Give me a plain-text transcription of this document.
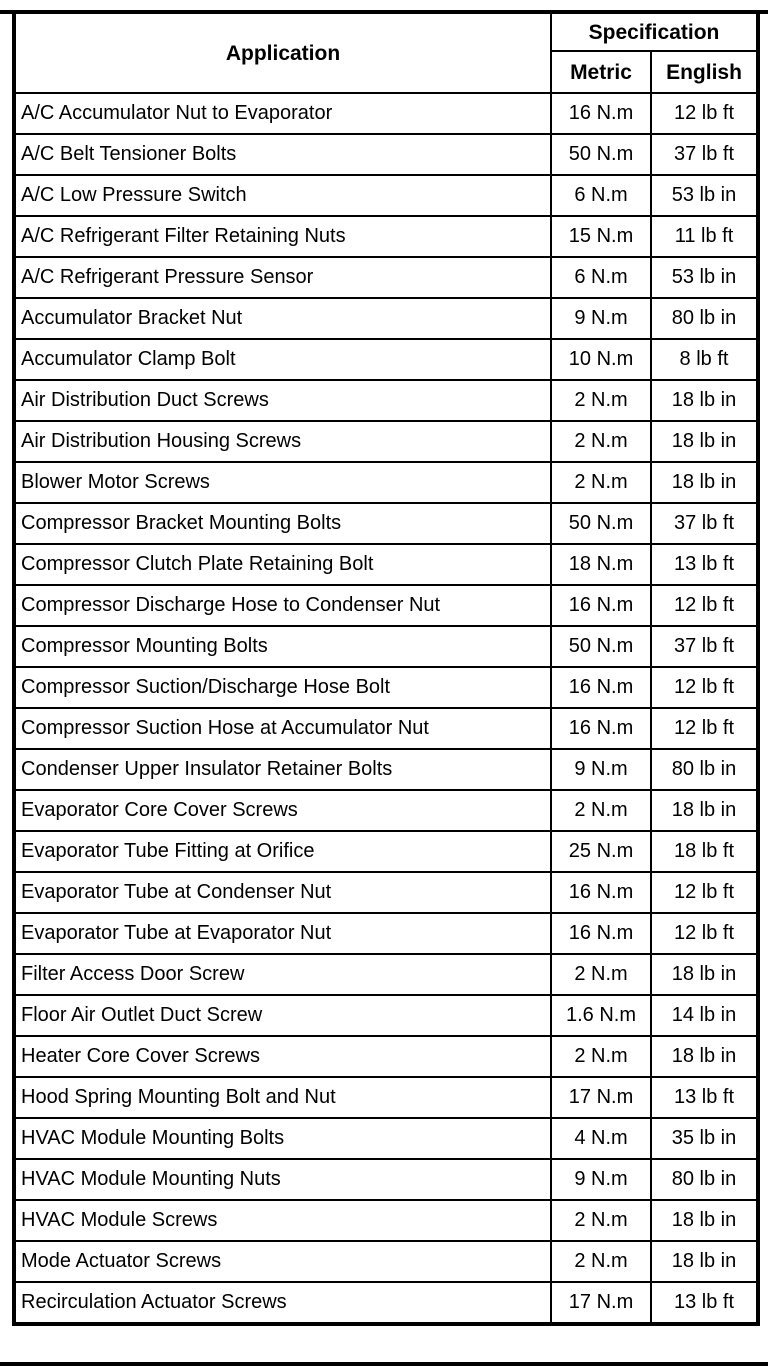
Application	Specification	
	Metric	English
A/C Accumulator Nut to Evaporator	16 N.m	12 lb ft
A/C Belt Tensioner Bolts	50 N.m	37 lb ft
A/C Low Pressure Switch	6 N.m	53 lb in
A/C Refrigerant Filter Retaining Nuts	15 N.m	11 lb ft
A/C Refrigerant Pressure Sensor	6 N.m	53 lb in
Accumulator Bracket Nut	9 N.m	80 lb in
Accumulator Clamp Bolt	10 N.m	8 lb ft
Air Distribution Duct Screws	2 N.m	18 lb in
Air Distribution Housing Screws	2 N.m	18 lb in
Blower Motor Screws	2 N.m	18 lb in
Compressor Bracket Mounting Bolts	50 N.m	37 lb ft
Compressor Clutch Plate Retaining Bolt	18 N.m	13 lb ft
Compressor Discharge Hose to Condenser Nut	16 N.m	12 lb ft
Compressor Mounting Bolts	50 N.m	37 lb ft
Compressor Suction/Discharge Hose Bolt	16 N.m	12 lb ft
Compressor Suction Hose at Accumulator Nut	16 N.m	12 lb ft
Condenser Upper Insulator Retainer Bolts	9 N.m	80 lb in
Evaporator Core Cover Screws	2 N.m	18 lb in
Evaporator Tube Fitting at Orifice	25 N.m	18 lb ft
Evaporator Tube at Condenser Nut	16 N.m	12 lb ft
Evaporator Tube at Evaporator Nut	16 N.m	12 lb ft
Filter Access Door Screw	2 N.m	18 lb in
Floor Air Outlet Duct Screw	1.6 N.m	14 lb in
Heater Core Cover Screws	2 N.m	18 lb in
Hood Spring Mounting Bolt and Nut	17 N.m	13 lb ft
HVAC Module Mounting Bolts	4 N.m	35 lb in
HVAC Module Mounting Nuts	9 N.m	80 lb in
HVAC Module Screws	2 N.m	18 lb in
Mode Actuator Screws	2 N.m	18 lb in
Recirculation Actuator Screws	17 N.m	13 lb ft
